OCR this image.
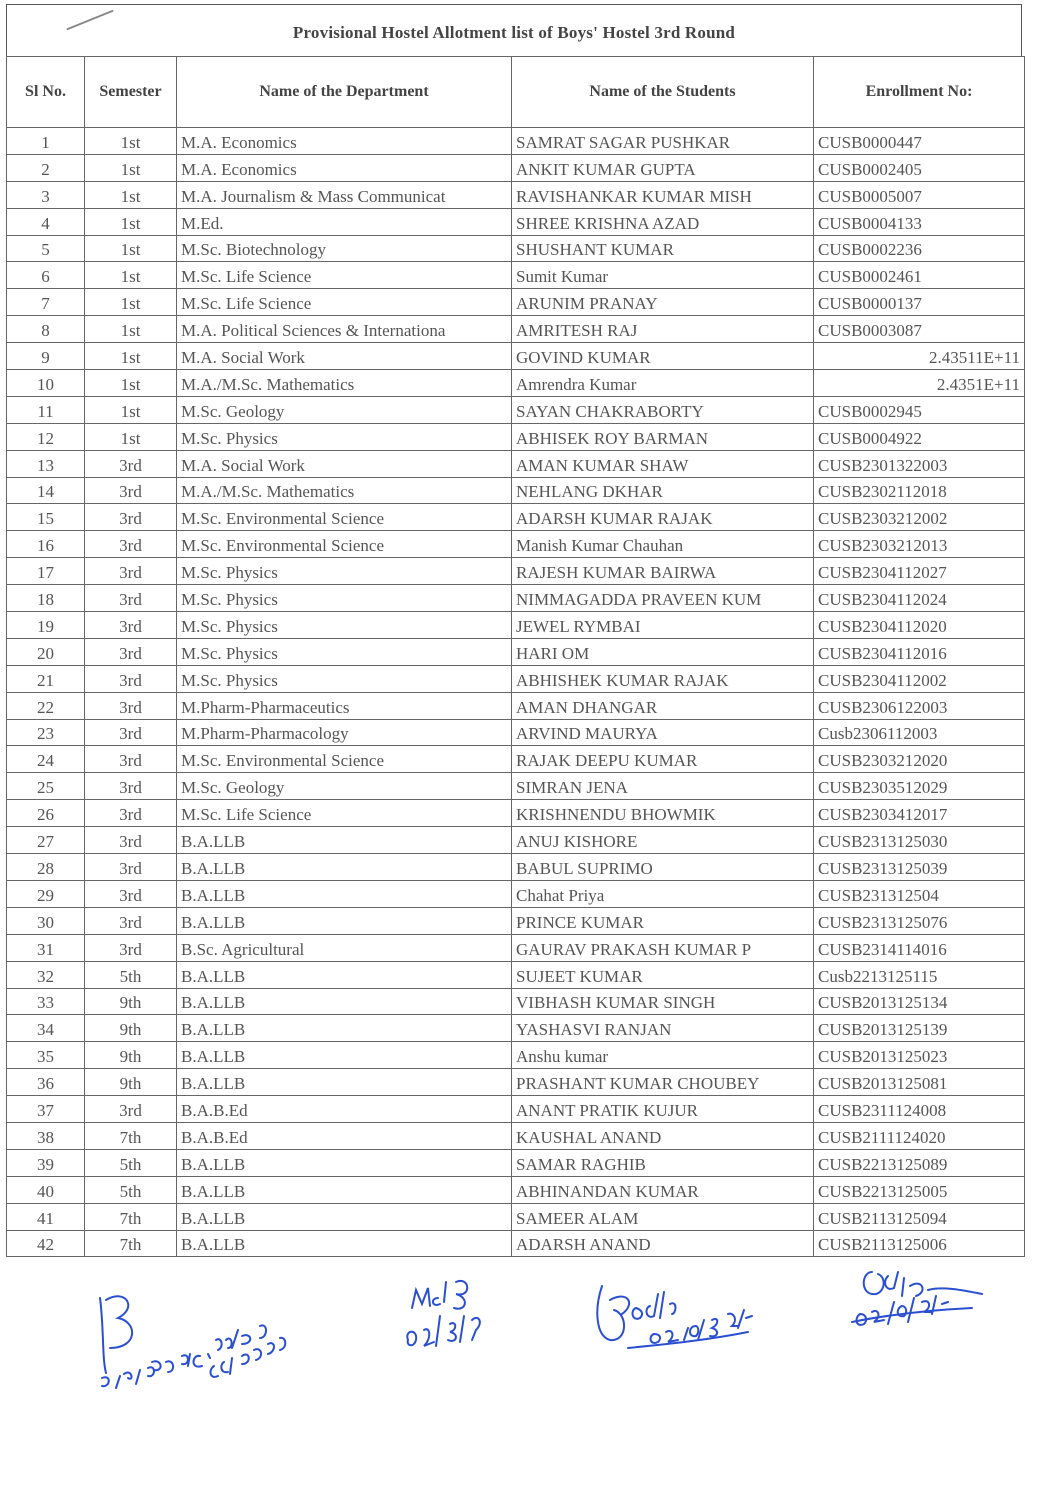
Provisional Hostel Allotment list of Boys' Hostel 3rd Round
Sl No.	Semester	Name of the Department	Name of the Students	Enrollment No:
1	1st	M.A. Economics	SAMRAT SAGAR PUSHKAR	CUSB0000447
2	1st	M.A. Economics	ANKIT KUMAR GUPTA	CUSB0002405
3	1st	M.A. Journalism & Mass Communicat	RAVISHANKAR KUMAR MISH	CUSB0005007
4	1st	M.Ed.	SHREE KRISHNA AZAD	CUSB0004133
5	1st	M.Sc. Biotechnology	SHUSHANT KUMAR	CUSB0002236
6	1st	M.Sc. Life Science	Sumit Kumar	CUSB0002461
7	1st	M.Sc. Life Science	ARUNIM PRANAY	CUSB0000137
8	1st	M.A. Political Sciences & Internationa	AMRITESH RAJ	CUSB0003087
9	1st	M.A. Social Work	GOVIND KUMAR	2.43511E+11
10	1st	M.A./M.Sc. Mathematics	Amrendra Kumar	2.4351E+11
11	1st	M.Sc. Geology	SAYAN CHAKRABORTY	CUSB0002945
12	1st	M.Sc. Physics	ABHISEK ROY BARMAN	CUSB0004922
13	3rd	M.A. Social Work	AMAN KUMAR SHAW	CUSB2301322003
14	3rd	M.A./M.Sc. Mathematics	NEHLANG DKHAR	CUSB2302112018
15	3rd	M.Sc. Environmental Science	ADARSH KUMAR RAJAK	CUSB2303212002
16	3rd	M.Sc. Environmental Science	Manish Kumar Chauhan	CUSB2303212013
17	3rd	M.Sc. Physics	RAJESH KUMAR BAIRWA	CUSB2304112027
18	3rd	M.Sc. Physics	NIMMAGADDA PRAVEEN KUM	CUSB2304112024
19	3rd	M.Sc. Physics	JEWEL RYMBAI	CUSB2304112020
20	3rd	M.Sc. Physics	HARI OM	CUSB2304112016
21	3rd	M.Sc. Physics	ABHISHEK KUMAR RAJAK	CUSB2304112002
22	3rd	M.Pharm-Pharmaceutics	AMAN DHANGAR	CUSB2306122003
23	3rd	M.Pharm-Pharmacology	ARVIND MAURYA	Cusb2306112003
24	3rd	M.Sc. Environmental Science	RAJAK DEEPU KUMAR	CUSB2303212020
25	3rd	M.Sc. Geology	SIMRAN JENA	CUSB2303512029
26	3rd	M.Sc. Life Science	KRISHNENDU BHOWMIK	CUSB2303412017
27	3rd	B.A.LLB	ANUJ KISHORE	CUSB2313125030
28	3rd	B.A.LLB	BABUL SUPRIMO	CUSB2313125039
29	3rd	B.A.LLB	Chahat Priya	CUSB231312504
30	3rd	B.A.LLB	PRINCE KUMAR	CUSB2313125076
31	3rd	B.Sc. Agricultural	GAURAV PRAKASH KUMAR P	CUSB2314114016
32	5th	B.A.LLB	SUJEET KUMAR	Cusb2213125115
33	9th	B.A.LLB	VIBHASH KUMAR SINGH	CUSB2013125134
34	9th	B.A.LLB	YASHASVI RANJAN	CUSB2013125139
35	9th	B.A.LLB	Anshu kumar	CUSB2013125023
36	9th	B.A.LLB	PRASHANT KUMAR CHOUBEY	CUSB2013125081
37	3rd	B.A.B.Ed	ANANT PRATIK KUJUR	CUSB2311124008
38	7th	B.A.B.Ed	KAUSHAL ANAND	CUSB2111124020
39	5th	B.A.LLB	SAMAR RAGHIB	CUSB2213125089
40	5th	B.A.LLB	ABHINANDAN KUMAR	CUSB2213125005
41	7th	B.A.LLB	SAMEER ALAM	CUSB2113125094
42	7th	B.A.LLB	ADARSH ANAND	CUSB2113125006
